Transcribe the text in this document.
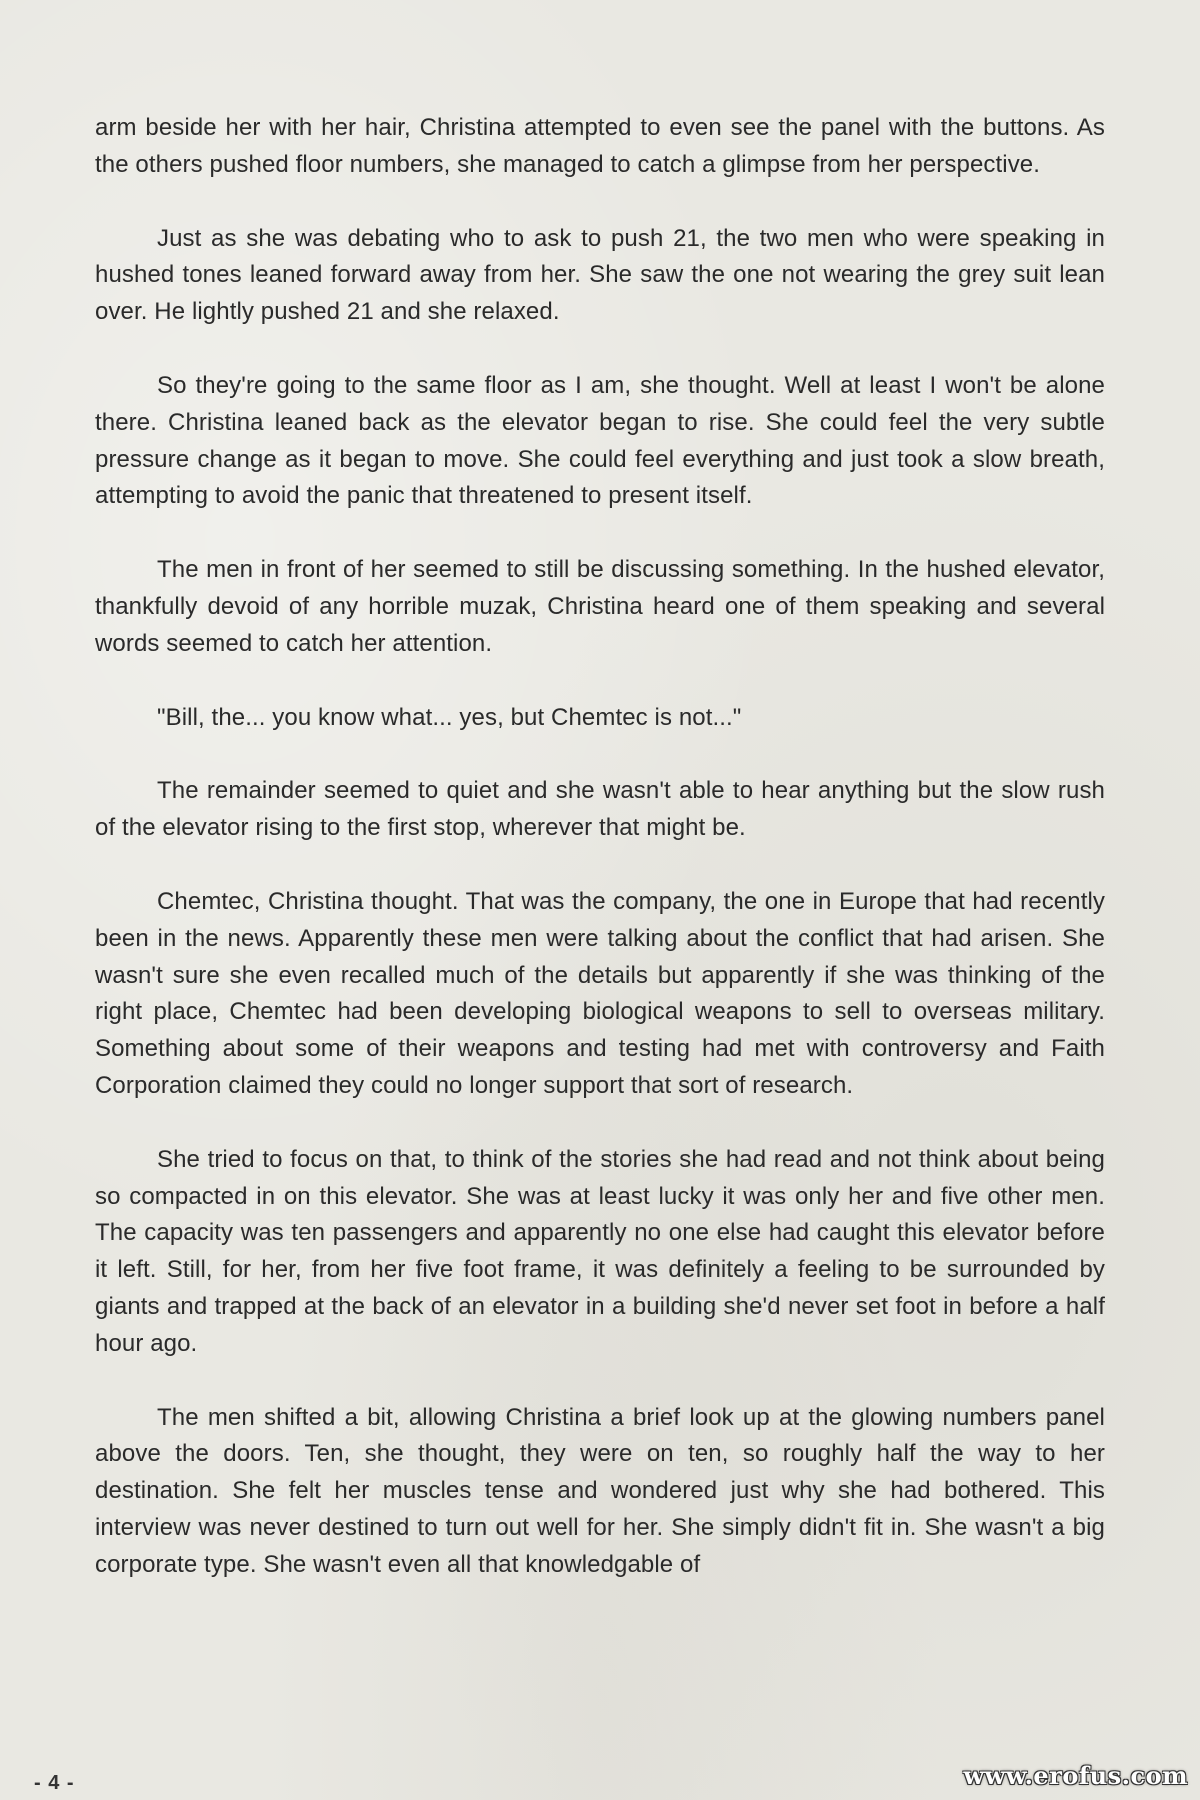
arm beside her with her hair, Christina attempted to even see the panel with the buttons. As the others pushed floor numbers, she managed to catch a glimpse from her perspective.

Just as she was debating who to ask to push 21, the two men who were speaking in hushed tones leaned forward away from her. She saw the one not wearing the grey suit lean over. He lightly pushed 21 and she relaxed.

So they're going to the same floor as I am, she thought. Well at least I won't be alone there. Christina leaned back as the elevator began to rise. She could feel the very subtle pressure change as it began to move. She could feel everything and just took a slow breath, attempting to avoid the panic that threatened to present itself.

The men in front of her seemed to still be discussing something. In the hushed elevator, thankfully devoid of any horrible muzak, Christina heard one of them speaking and several words seemed to catch her attention.

"Bill, the... you know what... yes, but Chemtec is not..."

The remainder seemed to quiet and she wasn't able to hear anything but the slow rush of the elevator rising to the first stop, wherever that might be.

Chemtec, Christina thought. That was the company, the one in Europe that had recently been in the news. Apparently these men were talking about the conflict that had arisen. She wasn't sure she even recalled much of the details but apparently if she was thinking of the right place, Chemtec had been developing biological weapons to sell to overseas military. Something about some of their weapons and testing had met with controversy and Faith Corporation claimed they could no longer support that sort of research.

She tried to focus on that, to think of the stories she had read and not think about being so compacted in on this elevator. She was at least lucky it was only her and five other men. The capacity was ten passengers and apparently no one else had caught this elevator before it left. Still, for her, from her five foot frame, it was definitely a feeling to be surrounded by giants and trapped at the back of an elevator in a building she'd never set foot in before a half hour ago.

The men shifted a bit, allowing Christina a brief look up at the glowing numbers panel above the doors. Ten, she thought, they were on ten, so roughly half the way to her destination. She felt her muscles tense and wondered just why she had bothered. This interview was never destined to turn out well for her. She simply didn't fit in. She wasn't a big corporate type. She wasn't even all that knowledgable of

- 4 -	www.erofus.com
